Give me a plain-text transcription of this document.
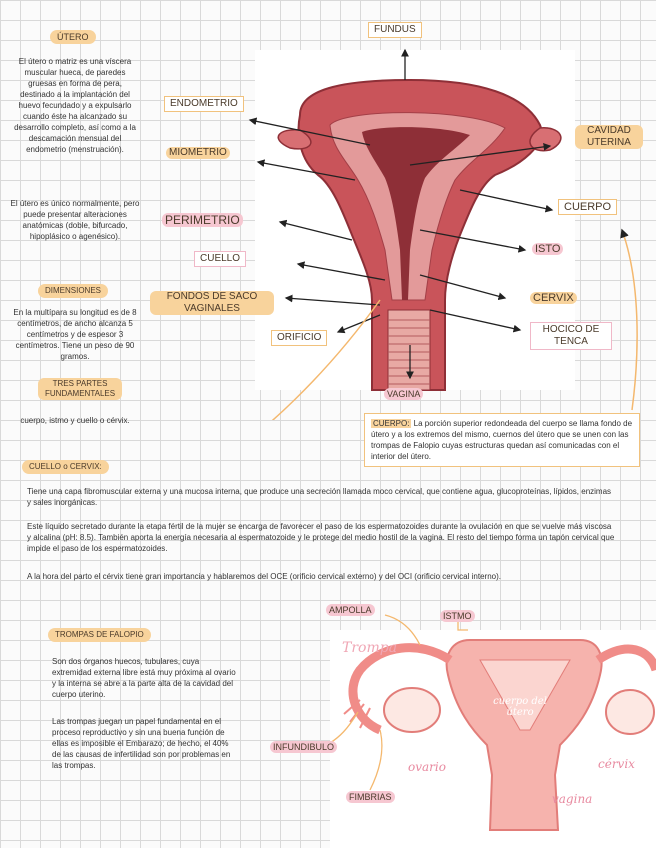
ÚTERO
El útero o matriz es una víscera muscular hueca, de paredes gruesas en forma de pera, destinado a la implantación del huevo fecundado y a expulsarlo cuando éste ha alcanzado su desarrollo completo, así como a la descamación mensual del endometrio (menstruación).
El útero es único normalmente, pero puede presentar alteraciones anatómicas (doble, bifurcado, hipoplásico o agenésico).
DIMENSIONES
En la multípara su longitud es de 8 centímetros, de ancho alcanza 5 centímetros y de espesor 3 centímetros. Tiene un peso de 90 gramos.
TRES PARTES FUNDAMENTALES
cuerpo, istmo y cuello o cérvix.
FUNDUS
ENDOMETRIO
MIOMETRIO
PERIMETRIO
CUELLO
FONDOS DE SACO VAGINALES
ORIFICIO
VAGINA
CAVIDAD UTERINA
CUERPO
ISTO
CERVIX
HOCICO DE TENCA
CUERPO: La porción superior redondeada del cuerpo se llama fondo de útero y a los extremos del mismo, cuernos del útero que se unen con las trompas de Falopio cuyas estructuras quedan así comunicadas con el interior del útero.
CUELLO o CERVIX:
Tiene una capa fibromuscular externa y una mucosa interna, que produce una secreción llamada moco cervical, que contiene agua, glucoproteínas, lípidos, enzimas y sales inorgánicas.
Este líquido secretado durante la etapa fértil de la mujer se encarga de favorecer el paso de los espermatozoides durante la ovulación en que se vuelve más viscosa y alcalina (pH: 8.5). También aporta la energía necesaria al espermatozoide y le protege del medio hostil de la vagina. El resto del tiempo forma un tapón cervical que impide el paso de los espermatozoides.
A la hora del parto el cérvix tiene gran importancia y hablaremos del OCE (orificio cervical externo) y del OCI (orificio cervical interno).
TROMPAS DE FALOPIO
Son dos órganos huecos, tubulares, cuya extremidad externa libre está muy próxima al ovario y la interna se abre a la parte alta de la cavidad del cuerpo uterino.
Las trompas juegan un papel fundamental en el proceso reproductivo y sin una buena función de ellas es imposible el Embarazo; de hecho, el 40% de las causas de infertilidad son por problemas en las trompas.
AMPOLLA
ISTMO
INFUNDIBULO
FIMBRIAS
Trompa
cuerpo del útero
ovario	cérvix
vagina
